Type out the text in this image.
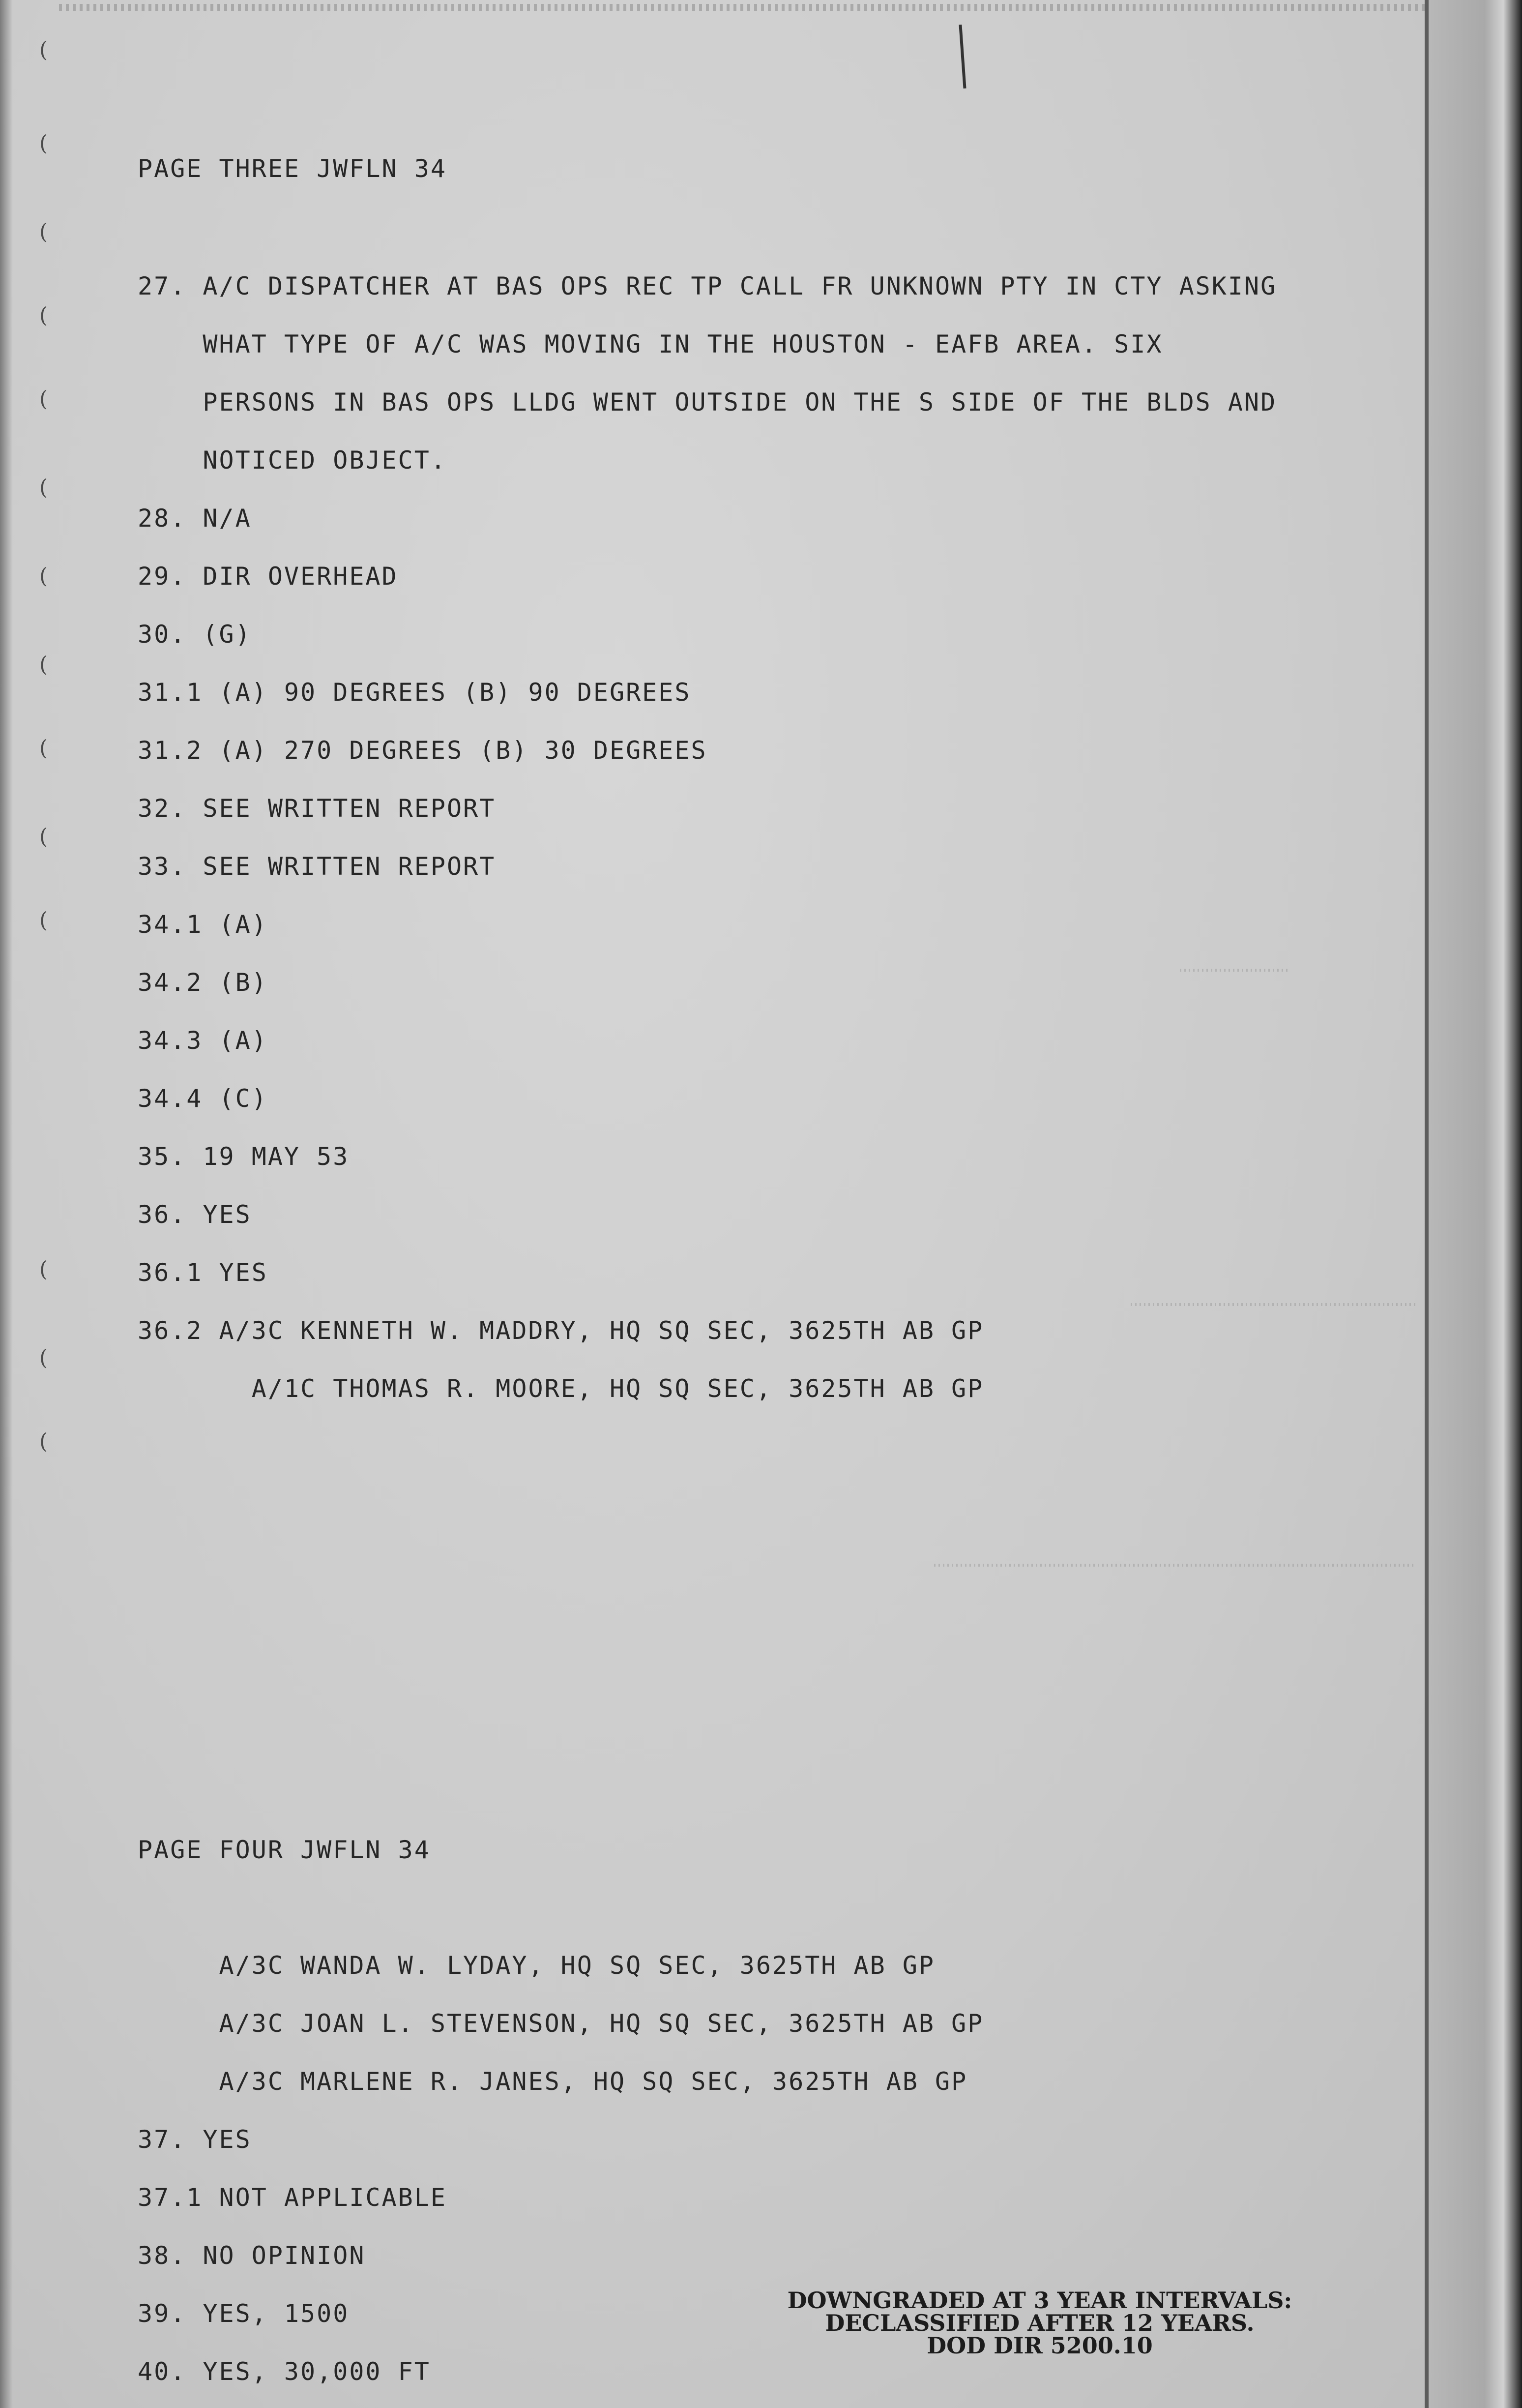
(
(
(
(
(
(
(
(
(
(
(
(
(
(

PAGE THREE JWFLN 34

27. A/C DISPATCHER AT BAS OPS REC TP CALL FR UNKNOWN PTY IN CTY ASKING

WHAT TYPE OF A/C WAS MOVING IN THE HOUSTON - EAFB AREA. SIX

PERSONS IN BAS OPS LLDG WENT OUTSIDE ON THE S SIDE OF THE BLDS AND

NOTICED OBJECT.

28. N/A

29. DIR OVERHEAD

30. (G)

31.1 (A) 90 DEGREES (B) 90 DEGREES

31.2 (A) 270 DEGREES (B) 30 DEGREES

32. SEE WRITTEN REPORT

33. SEE WRITTEN REPORT

34.1 (A)

34.2 (B)

34.3 (A)

34.4 (C)

35. 19 MAY 53

36. YES

36.1 YES

36.2 A/3C KENNETH W. MADDRY, HQ SQ SEC, 3625TH AB GP

A/1C THOMAS R. MOORE, HQ SQ SEC, 3625TH AB GP

PAGE FOUR JWFLN 34

A/3C WANDA W. LYDAY, HQ SQ SEC, 3625TH AB GP

A/3C JOAN L. STEVENSON, HQ SQ SEC, 3625TH AB GP

A/3C MARLENE R. JANES, HQ SQ SEC, 3625TH AB GP

37. YES

37.1 NOT APPLICABLE

38. NO OPINION

39. YES, 1500

40. YES, 30,000 FT

DOWNGRADED AT 3 YEAR INTERVALS:
DECLASSIFIED AFTER 12 YEARS.
DOD DIR 5200.10
